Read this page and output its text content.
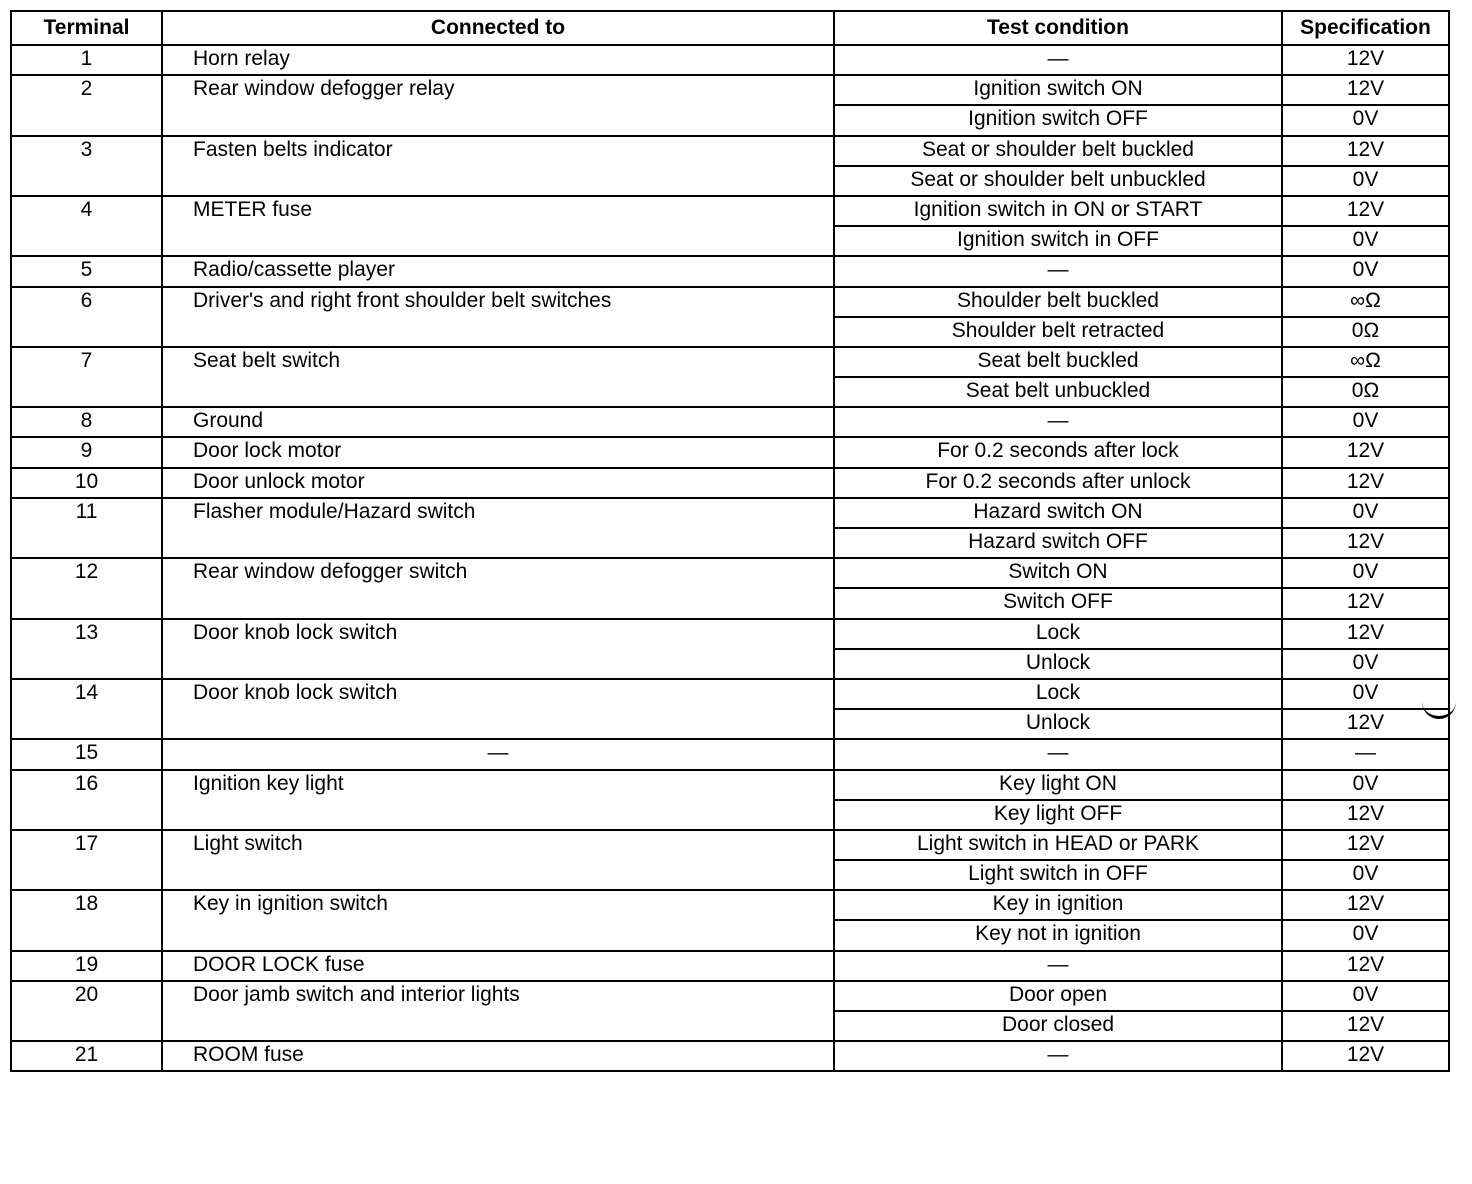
Terminal	Connected to	Test condition	Specification
1	Horn relay	—	12V
2	Rear window defogger relay	Ignition switch ON	12V
		Ignition switch OFF	0V
3	Fasten belts indicator	Seat or shoulder belt buckled	12V
		Seat or shoulder belt unbuckled	0V
4	METER fuse	Ignition switch in ON or START	12V
		Ignition switch in OFF	0V
5	Radio/cassette player	—	0V
6	Driver's and right front shoulder belt switches	Shoulder belt buckled	∞Ω
		Shoulder belt retracted	0Ω
7	Seat belt switch	Seat belt buckled	∞Ω
		Seat belt unbuckled	0Ω
8	Ground	—	0V
9	Door lock motor	For 0.2 seconds after lock	12V
10	Door unlock motor	For 0.2 seconds after unlock	12V
11	Flasher module/Hazard switch	Hazard switch ON	0V
		Hazard switch OFF	12V
12	Rear window defogger switch	Switch ON	0V
		Switch OFF	12V
13	Door knob lock switch	Lock	12V
		Unlock	0V
14	Door knob lock switch	Lock	0V
		Unlock	12V
15	—	—	—
16	Ignition key light	Key light ON	0V
		Key light OFF	12V
17	Light switch	Light switch in HEAD or PARK	12V
		Light switch in OFF	0V
18	Key in ignition switch	Key in ignition	12V
		Key not in ignition	0V
19	DOOR LOCK fuse	—	12V
20	Door jamb switch and interior lights	Door open	0V
		Door closed	12V
21	ROOM fuse	—	12V
